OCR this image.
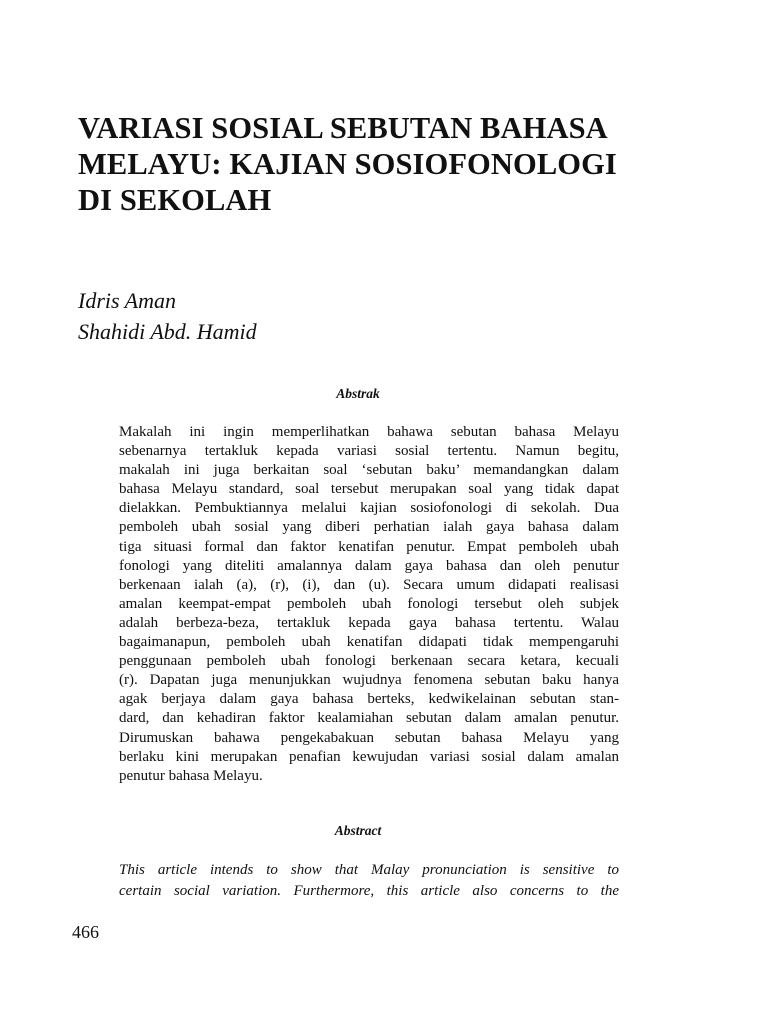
VARIASI SOSIAL SEBUTAN BAHASA
MELAYU: KAJIAN SOSIOFONOLOGI
DI SEKOLAH
Idris Aman
Shahidi Abd. Hamid
Abstrak
Makalah ini ingin memperlihatkan bahawa sebutan bahasa Melayu
sebenarnya tertakluk kepada variasi sosial tertentu. Namun begitu,
makalah ini juga berkaitan soal ‘sebutan baku’ memandangkan dalam
bahasa Melayu standard, soal tersebut merupakan soal yang tidak dapat
dielakkan. Pembuktiannya melalui kajian sosiofonologi di sekolah. Dua
pemboleh ubah sosial yang diberi perhatian ialah gaya bahasa dalam
tiga situasi formal dan faktor kenatifan penutur. Empat pemboleh ubah
fonologi yang diteliti amalannya dalam gaya bahasa dan oleh penutur
berkenaan ialah (a), (r), (i), dan (u). Secara umum didapati realisasi
amalan keempat-empat pemboleh ubah fonologi tersebut oleh subjek
adalah berbeza-beza, tertakluk kepada gaya bahasa tertentu. Walau
bagaimanapun, pemboleh ubah kenatifan didapati tidak mempengaruhi
penggunaan pemboleh ubah fonologi berkenaan secara ketara, kecuali
(r). Dapatan juga menunjukkan wujudnya fenomena sebutan baku hanya
agak berjaya dalam gaya bahasa berteks, kedwikelainan sebutan stan-
dard, dan kehadiran faktor kealamiahan sebutan dalam amalan penutur.
Dirumuskan bahawa pengekabakuan sebutan bahasa Melayu yang
berlaku kini merupakan penafian kewujudan variasi sosial dalam amalan
penutur bahasa Melayu.
Abstract
This article intends to show that Malay pronunciation is sensitive to
certain social variation. Furthermore, this article also concerns to the
466
